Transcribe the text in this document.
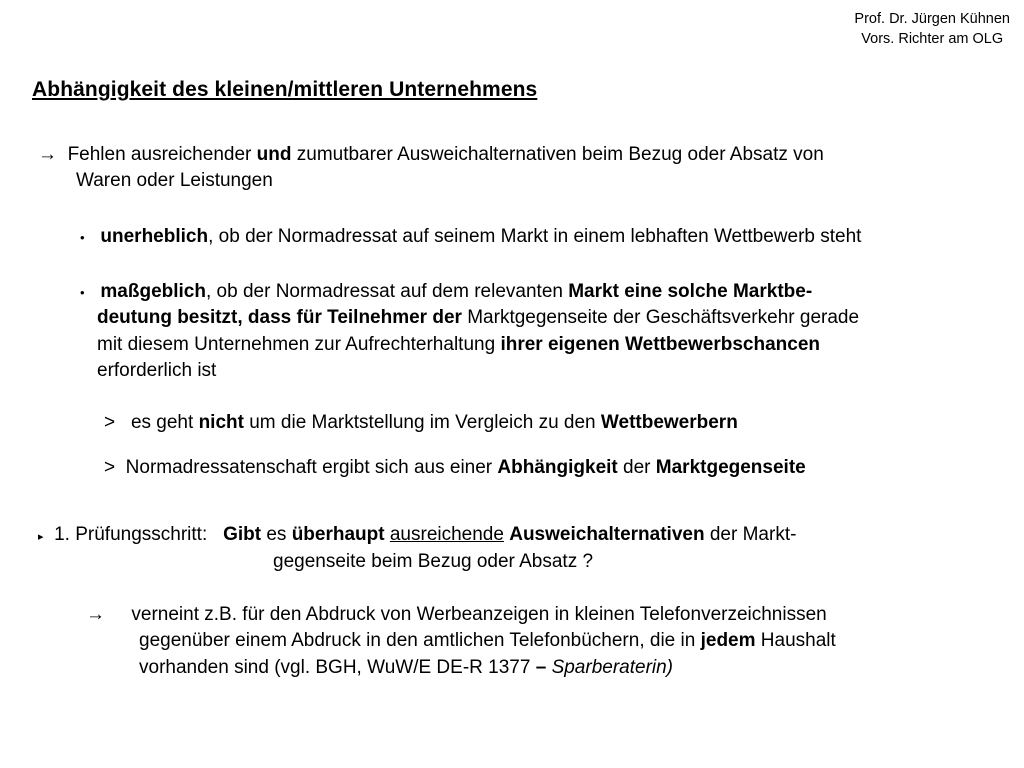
Prof. Dr. Jürgen Kühnen
Vors. Richter am OLG
Abhängigkeit des kleinen/mittleren Unternehmens
→ Fehlen ausreichender und zumutbarer Ausweichalternativen beim Bezug oder Absatz von
Waren oder Leistungen
• unerheblich, ob der Normadressat auf seinem Markt in einem lebhaften Wettbewerb steht
• maßgeblich, ob der Normadressat auf dem relevanten Markt eine solche Marktbe-
deutung besitzt, dass für Teilnehmer der Marktgegenseite der Geschäftsverkehr gerade
mit diesem Unternehmen zur Aufrechterhaltung ihrer eigenen Wettbewerbschancen
erforderlich ist
> es geht nicht um die Marktstellung im Vergleich zu den Wettbewerbern
> Normadressatenschaft ergibt sich aus einer Abhängigkeit der Marktgegenseite
▸ 1. Prüfungsschritt: Gibt es überhaupt ausreichende Ausweichalternativen der Markt-
gegenseite beim Bezug oder Absatz ?
→ verneint z.B. für den Abdruck von Werbeanzeigen in kleinen Telefonverzeichnissen
gegenüber einem Abdruck in den amtlichen Telefonbüchern, die in jedem Haushalt
vorhanden sind (vgl. BGH, WuW/E DE-R 1377 – Sparberaterin)
